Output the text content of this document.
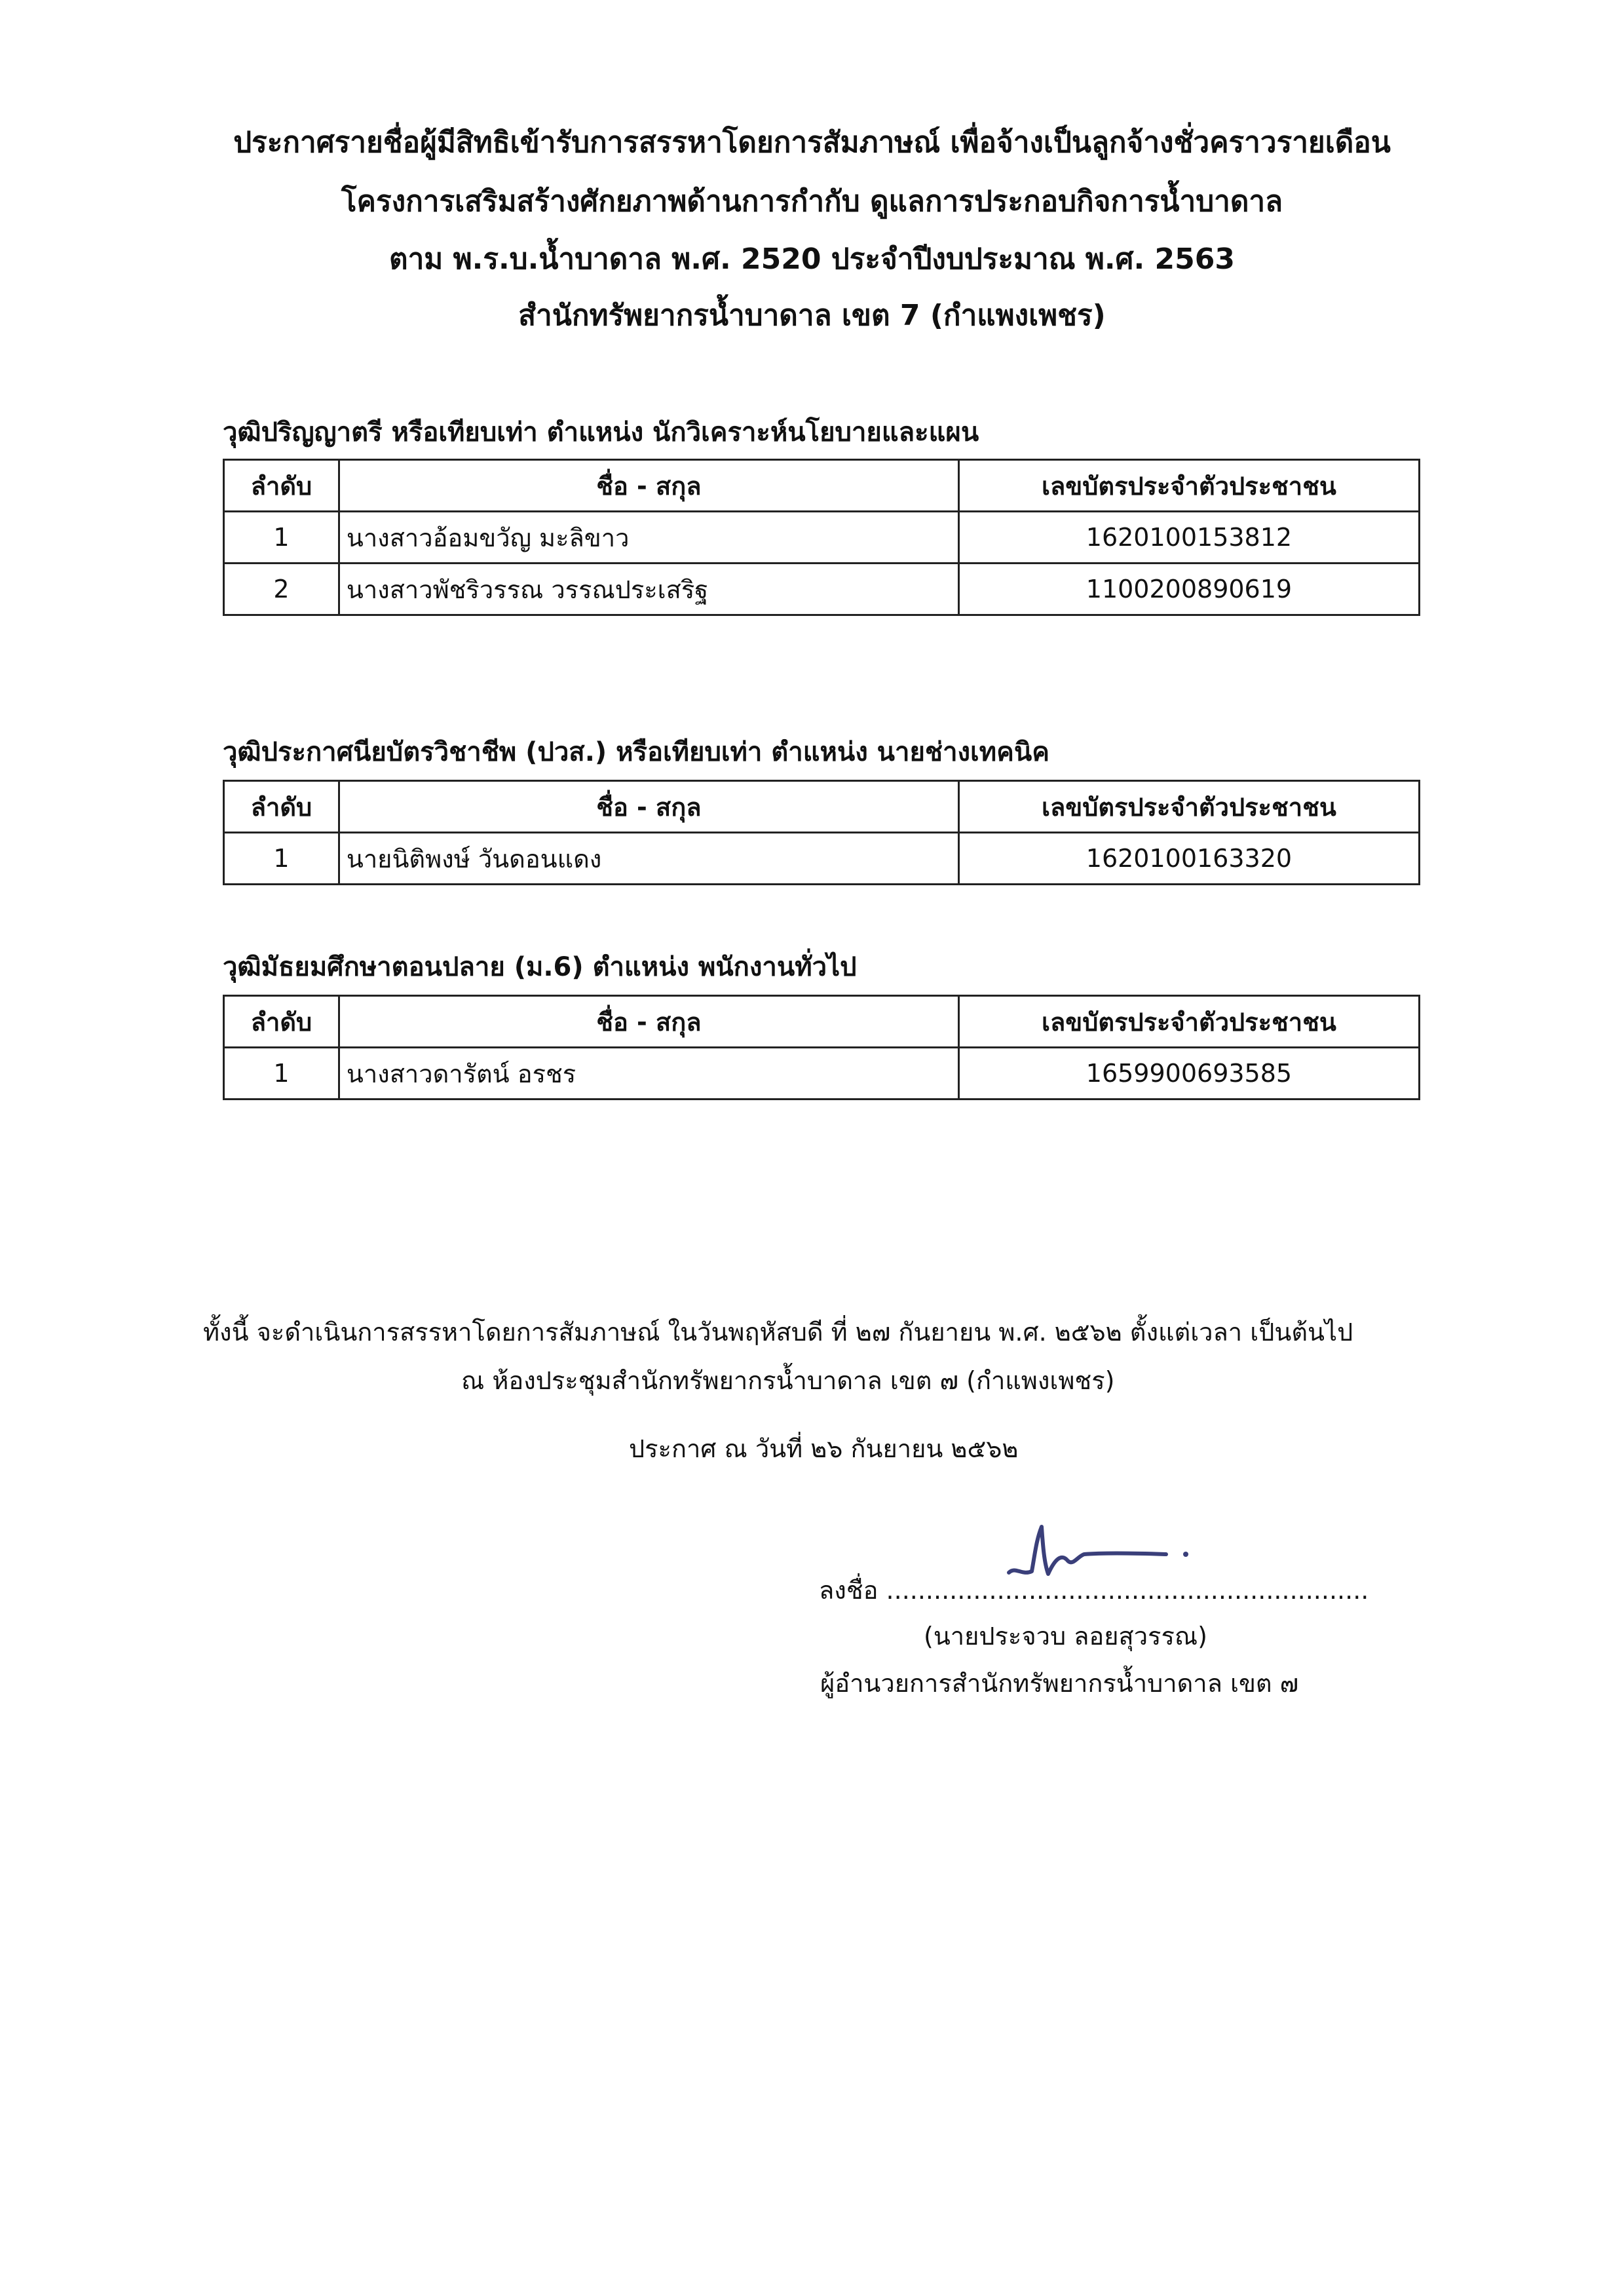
ประกาศรายชื่อผู้มีสิทธิเข้ารับการสรรหาโดยการสัมภาษณ์ เพื่อจ้างเป็นลูกจ้างชั่วคราวรายเดือน
โครงการเสริมสร้างศักยภาพด้านการกำกับ ดูแลการประกอบกิจการน้ำบาดาล
ตาม พ.ร.บ.น้ำบาดาล พ.ศ. 2520 ประจำปีงบประมาณ พ.ศ. 2563
สำนักทรัพยากรน้ำบาดาล เขต 7 (กำแพงเพชร)
วุฒิปริญญาตรี หรือเทียบเท่า ตำแหน่ง นักวิเคราะห์นโยบายและแผน
ลำดับ	ชื่อ - สกุล	เลขบัตรประจำตัวประชาชน
1	นางสาวอ้อมขวัญ มะลิขาว	1620100153812
2	นางสาวพัชริวรรณ วรรณประเสริฐ	1100200890619
วุฒิประกาศนียบัตรวิชาชีพ (ปวส.) หรือเทียบเท่า ตำแหน่ง นายช่างเทคนิค
ลำดับ	ชื่อ - สกุล	เลขบัตรประจำตัวประชาชน
1	นายนิติพงษ์ วันดอนแดง	1620100163320
วุฒิมัธยมศึกษาตอนปลาย (ม.6) ตำแหน่ง พนักงานทั่วไป
ลำดับ	ชื่อ - สกุล	เลขบัตรประจำตัวประชาชน
1	นางสาวดารัตน์ อรชร	1659900693585
ทั้งนี้ จะดำเนินการสรรหาโดยการสัมภาษณ์ ในวันพฤหัสบดี ที่ ๒๗ กันยายน พ.ศ. ๒๕๖๒ ตั้งแต่เวลา เป็นต้นไป
ณ ห้องประชุมสำนักทรัพยากรน้ำบาดาล เขต ๗ (กำแพงเพชร)
ประกาศ ณ วันที่ ๒๖ กันยายน ๒๕๖๒
ลงชื่อ .............................................................
(นายประจวบ ลอยสุวรรณ)
ผู้อำนวยการสำนักทรัพยากรน้ำบาดาล เขต ๗
